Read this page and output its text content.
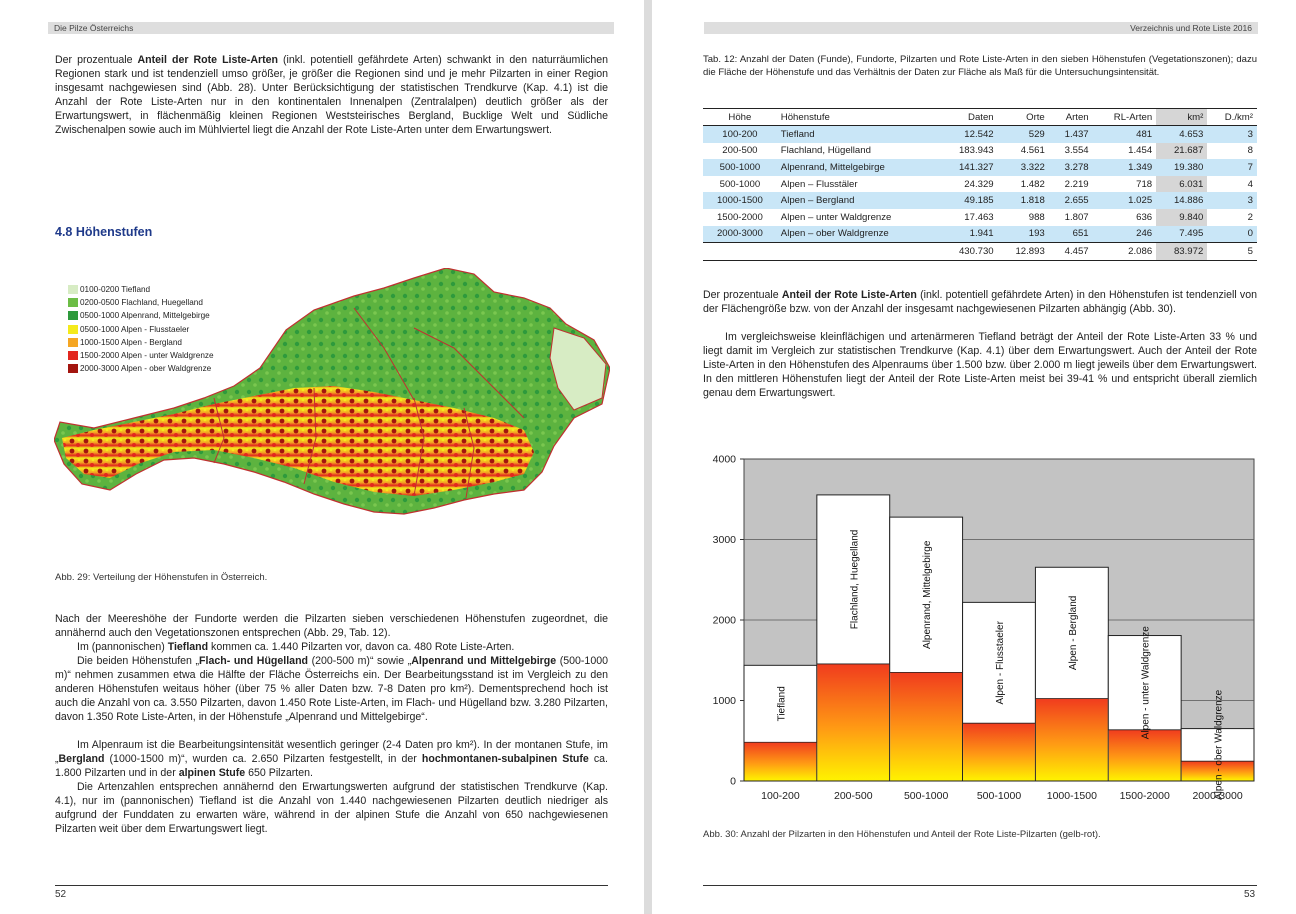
Die Pilze Österreichs

Der prozentuale Anteil der Rote Liste-Arten (inkl. potentiell gefährdete Arten) schwankt in den naturräumlichen Regionen stark und ist tendenziell umso größer, je größer die Regionen sind und je mehr Pilzarten in einer Region insgesamt nachgewiesen sind (Abb. 28). Unter Berücksichtigung der statistischen Trendkurve (Kap. 4.1) ist die Anzahl der Rote Liste-Arten nur in den kontinentalen Innenalpen (Zentralalpen) deutlich größer als der Erwartungswert, in flächenmäßig kleinen Regionen Weststeirisches Bergland, Bucklige Welt und Südliche Zwischenalpen sowie auch im Mühlviertel liegt die Anzahl der Rote Liste-Arten unter dem Erwartungswert.

4.8 Höhenstufen
0100-0200 Tiefland
0200-0500 Flachland, Huegelland
0500-1000 Alpenrand, Mittelgebirge
0500-1000 Alpen - Flusstaeler
1000-1500 Alpen - Bergland
1500-2000 Alpen - unter Waldgrenze
2000-3000 Alpen - ober Waldgrenze
Abb. 29: Verteilung der Höhenstufen in Österreich.

Nach der Meereshöhe der Fundorte werden die Pilzarten sieben verschiedenen Höhenstufen zugeordnet, die annähernd auch den Vegetationszonen entsprechen (Abb. 29, Tab. 12).

Im (pannonischen) Tiefland kommen ca. 1.440 Pilzarten vor, davon ca. 480 Rote Liste-Arten.

Die beiden Höhenstufen „Flach- und Hügelland (200-500 m)“ sowie „Alpenrand und Mittelgebirge (500-1000 m)“ nehmen zusammen etwa die Hälfte der Fläche Österreichs ein. Der Bearbeitungsstand ist im Vergleich zu den anderen Höhenstufen weitaus höher (über 75 % aller Daten bzw. 7-8 Daten pro km²). Dementsprechend hoch ist auch die Anzahl von ca. 3.550 Pilzarten, davon 1.450 Rote Liste-Arten, im Flach- und Hügelland bzw. 3.280 Pilzarten, davon 1.350 Rote Liste-Arten, in der Höhenstufe „Alpenrand und Mittelgebirge“.

Im Alpenraum ist die Bearbeitungsintensität wesentlich geringer (2-4 Daten pro km²). In der montanen Stufe, im „Bergland (1000-1500 m)“, wurden ca. 2.650 Pilzarten festgestellt, in der hochmontanen-subalpinen Stufe ca. 1.800 Pilzarten und in der alpinen Stufe 650 Pilzarten.

Die Artenzahlen entsprechen annähernd den Erwartungswerten aufgrund der statistischen Trendkurve (Kap. 4.1), nur im (pannonischen) Tiefland ist die Anzahl von 1.440 nachgewiesenen Pilzarten deutlich niedriger als aufgrund der Funddaten zu erwarten wäre, während in der alpinen Stufe die Anzahl von 650 nachgewiesenen Pilzarten weit über dem Erwartungswert liegt.

52
Verzeichnis und Rote Liste 2016
Tab. 12: Anzahl der Daten (Funde), Fundorte, Pilzarten und Rote Liste-Arten in den sieben Höhenstufen (Vegetationszonen); dazu die Fläche der Höhenstufe und das Verhältnis der Daten zur Fläche als Maß für die Untersuchungsintensität.
Höhe	Höhenstufe	Daten	Orte	Arten	RL-Arten	km²	D./km²
100-200	Tiefland	12.542	529	1.437	481	4.653	3
200-500	Flachland, Hügelland	183.943	4.561	3.554	1.454	21.687	8
500-1000	Alpenrand, Mittelgebirge	141.327	3.322	3.278	1.349	19.380	7
500-1000	Alpen – Flusstäler	24.329	1.482	2.219	718	6.031	4
1000-1500	Alpen – Bergland	49.185	1.818	2.655	1.025	14.886	3
1500-2000	Alpen – unter Waldgrenze	17.463	988	1.807	636	9.840	2
2000-3000	Alpen – ober Waldgrenze	1.941	193	651	246	7.495	0
		430.730	12.893	4.457	2.086	83.972	5

Der prozentuale Anteil der Rote Liste-Arten (inkl. potentiell gefährdete Arten) in den Höhenstufen ist tendenziell von der Flächengröße bzw. von der Anzahl der insgesamt nachgewiesenen Pilzarten abhängig (Abb. 30).

Im vergleichsweise kleinflächigen und artenärmeren Tiefland beträgt der Anteil der Rote Liste-Arten 33 % und liegt damit im Vergleich zur statistischen Trendkurve (Kap. 4.1) über dem Erwartungswert. Auch der Anteil der Rote Liste-Arten in den Höhenstufen des Alpenraums über 1.500 bzw. über 2.000 m liegt jeweils über dem Erwartungswert. In den mittleren Höhenstufen liegt der Anteil der Rote Liste-Arten meist bei 39-41 % und entspricht überall ziemlich genau dem Erwartungswert.

Tiefland
Flachland, Huegelland	Alpenrand, Mittelgebirge
Alpen - Flusstaeler	Alpen - Bergland	Alpen - unter Waldgrenze
Alpen - ober Waldgrenze
0
1000
2000
3000
4000
100-200	200-500	500-1000	500-1000 1000-1500 1500-2000 2000-3000
Abb. 30: Anzahl der Pilzarten in den Höhenstufen und Anteil der Rote Liste-Pilzarten (gelb-rot).
53
